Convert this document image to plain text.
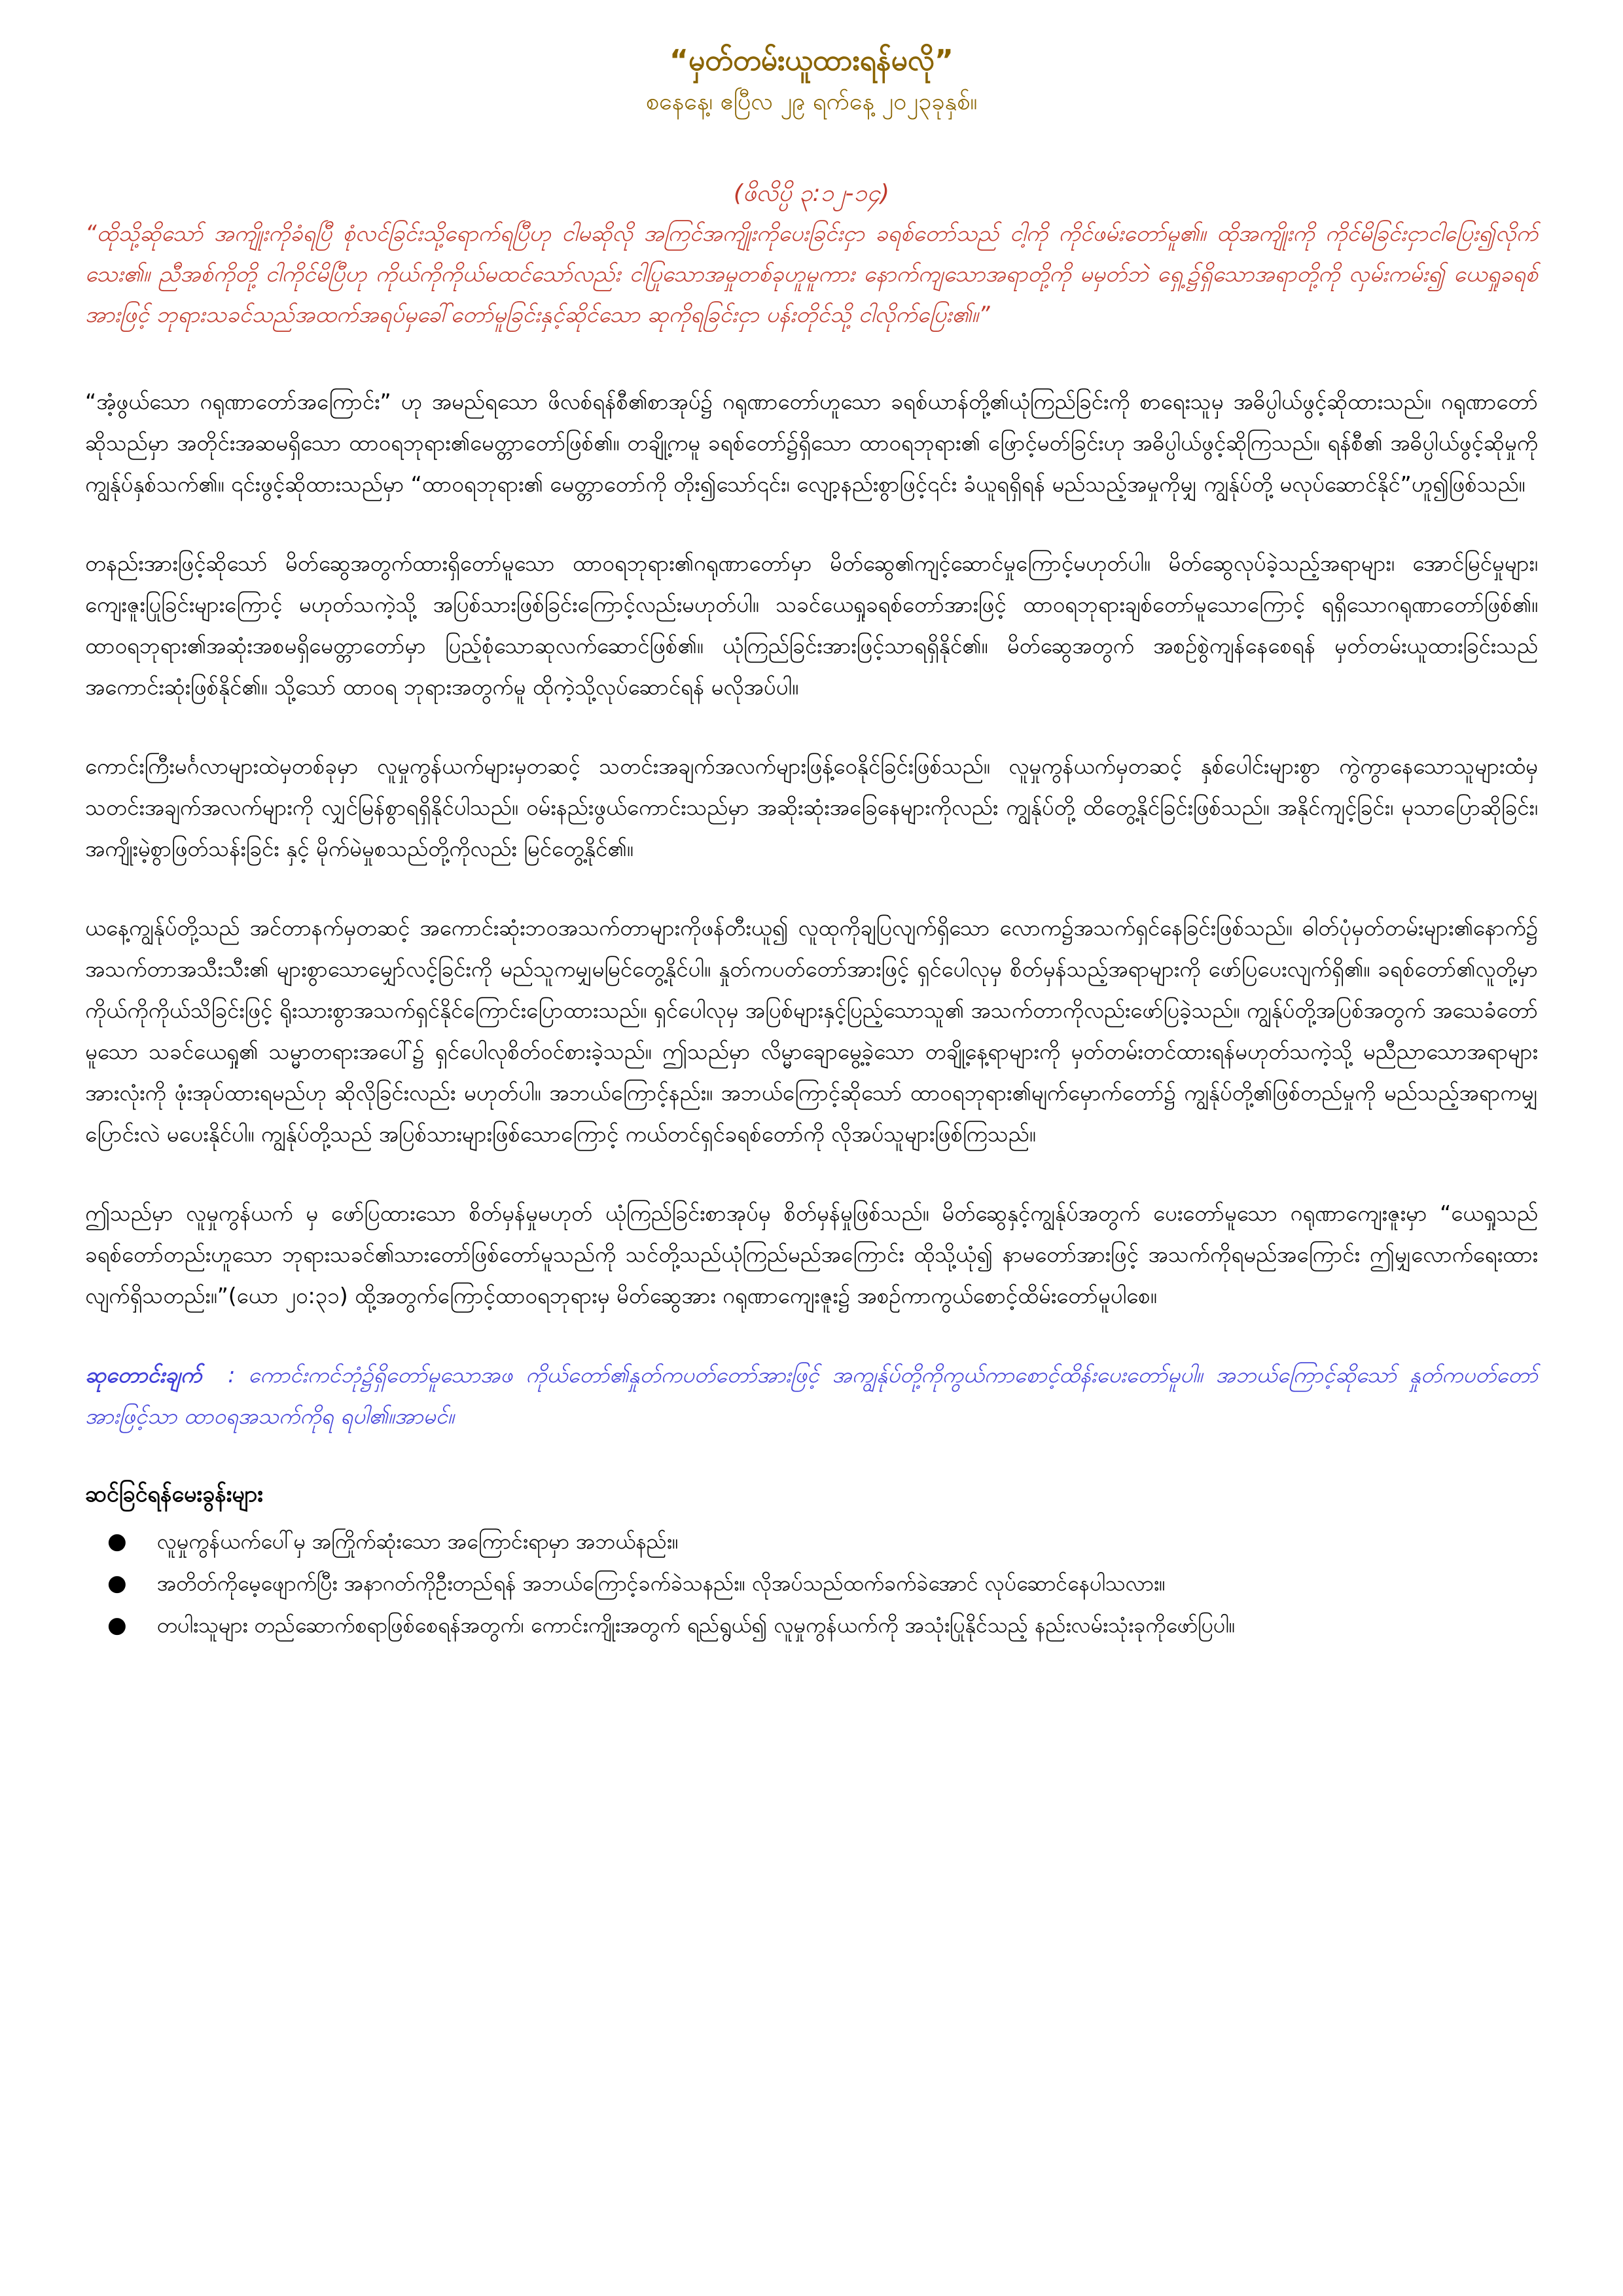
“မှတ်တမ်းယူထားရန်မလို”

စနေနေ့၊ ဧပြီလ ၂၉ ရက်နေ့ ၂၀၂၃ခုနှစ်။

(ဖိလိပ္ပိ ၃:၁၂-၁၄)

“ထိုသို့ဆိုသော် အကျိုးကိုခံရပြီ စုံလင်ခြင်းသို့ရောက်ရပြီဟု ငါမဆိုလို အကြင်အကျိုးကိုပေးခြင်းငှာ ခရစ်တော်သည် ငါ့ကို ကိုင်ဖမ်းတော်မူ၏။ ထိုအကျိုးကို ကိုင်မိခြင်းငှာငါပြေး၍လိုက်သေး၏။ ညီအစ်ကိုတို့ ငါကိုင်မိပြီဟု ကိုယ်ကိုကိုယ်မထင်သော်လည်း ငါပြုသောအမှုတစ်ခုဟူမူကား နောက်ကျသောအရာတို့ကို မမှတ်ဘဲ ရှေ့၌ရှိသောအရာတို့ကို လှမ်းကမ်း၍ ယေရှုခရစ်အားဖြင့် ဘုရားသခင်သည်အထက်အရပ်မှခေါ်တော်မူခြင်းနှင့်ဆိုင်သော ဆုကိုရခြင်းငှာ ပန်းတိုင်သို့ ငါလိုက်ပြေး၏။”

“အံ့ဖွယ်သော ဂရုဏာတော်အကြောင်း” ဟု အမည်ရသော ဖိလစ်ရန်စီ၏စာအုပ်၌ ဂရုဏာတော်ဟူသော ခရစ်ယာန်တို့၏ယုံကြည်ခြင်းကို စာရေးသူမှ အဓိပ္ပါယ်ဖွင့်ဆိုထားသည်။ ဂရုဏာတော်ဆိုသည်မှာ အတိုင်းအဆမရှိသော ထာဝရဘုရား၏မေတ္တာတော်ဖြစ်၏။ တချို့ကမူ ခရစ်တော်၌ရှိသော ထာဝရဘုရား၏ ဖြောင့်မတ်ခြင်းဟု အဓိပ္ပါယ်ဖွင့်ဆိုကြသည်။ ရန်စီ၏ အဓိပ္ပါယ်ဖွင့်ဆိုမှုကို ကျွန်ုပ်နှစ်သက်၏။ ၎င်းဖွင့်ဆိုထားသည်မှာ “ထာဝရဘုရား၏ မေတ္တာတော်ကို တိုး၍သော်၎င်း၊ လျော့နည်းစွာဖြင့်၎င်း ခံယူရရှိရန် မည်သည့်အမှုကိုမျှ ကျွန်ုပ်တို့ မလုပ်ဆောင်နိုင်”ဟူ၍ဖြစ်သည်။

တနည်းအားဖြင့်ဆိုသော် မိတ်ဆွေအတွက်ထားရှိတော်မူသော ထာဝရဘုရား၏ဂရုဏာတော်မှာ မိတ်ဆွေ၏ကျင့်ဆောင်မှုကြောင့်မဟုတ်ပါ။ မိတ်ဆွေလုပ်ခဲ့သည့်အရာများ၊ အောင်မြင်မှုများ၊ ကျေးဇူးပြုခြင်းများကြောင့် မဟုတ်သကဲ့သို့ အပြစ်သားဖြစ်ခြင်းကြောင့်လည်းမဟုတ်ပါ။ သခင်ယေရှုခရစ်တော်အားဖြင့် ထာဝရဘုရားချစ်တော်မူသောကြောင့် ရရှိသောဂရုဏာတော်ဖြစ်၏။ ထာဝရဘုရား၏အဆုံးအစမရှိမေတ္တာတော်မှာ ပြည့်စုံသောဆုလက်ဆောင်ဖြစ်၏။ ယုံကြည်ခြင်းအားဖြင့်သာရရှိနိုင်၏။ မိတ်ဆွေအတွက် အစဉ်စွဲကျန်နေစေရန် မှတ်တမ်းယူထားခြင်းသည် အကောင်းဆုံးဖြစ်နိုင်၏။ သို့သော် ထာဝရ ဘုရားအတွက်မူ ထိုကဲ့သို့လုပ်ဆောင်ရန် မလိုအပ်ပါ။

ကောင်းကြီးမင်္ဂလာများထဲမှတစ်ခုမှာ လူမှုကွန်ယက်များမှတဆင့် သတင်းအချက်အလက်များဖြန့်ဝေနိုင်ခြင်းဖြစ်သည်။ လူမှုကွန်ယက်မှတဆင့် နှစ်ပေါင်းများစွာ ကွဲကွာနေသောသူများထံမှ သတင်းအချက်အလက်များကို လျှင်မြန်စွာရရှိနိုင်ပါသည်။ ဝမ်းနည်းဖွယ်ကောင်းသည်မှာ အဆိုးဆုံးအခြေနေများကိုလည်း ကျွန်ုပ်တို့ ထိတွေ့နိုင်ခြင်းဖြစ်သည်။ အနိုင်ကျင့်ခြင်း၊ မုသာပြောဆိုခြင်း၊ အကျိုးမဲ့စွာဖြတ်သန်းခြင်း နှင့် မိုက်မဲမှုစသည်တို့ကိုလည်း မြင်တွေ့နိုင်၏။

ယနေ့ကျွန်ုပ်တို့သည် အင်တာနက်မှတဆင့် အကောင်းဆုံးဘဝအသက်တာများကိုဖန်တီးယူ၍ လူထုကိုချပြလျက်ရှိသော လောက၌အသက်ရှင်နေခြင်းဖြစ်သည်။ ဓါတ်ပုံမှတ်တမ်းများ၏နောက်၌ အသက်တာအသီးသီး၏ များစွာသောမျှော်လင့်ခြင်းကို မည်သူကမျှမမြင်တွေ့နိုင်ပါ။ နှုတ်ကပတ်တော်အားဖြင့် ရှင်ပေါလုမှ စိတ်မှန်သည့်အရာများကို ဖော်ပြပေးလျက်ရှိ၏။ ခရစ်တော်၏လူတို့မှာ ကိုယ်ကိုကိုယ်သိခြင်းဖြင့် ရိုးသားစွာအသက်ရှင်နိုင်ကြောင်းပြောထားသည်။ ရှင်ပေါလုမှ အပြစ်များနှင့်ပြည့်သောသူ၏ အသက်တာကိုလည်းဖော်ပြခဲ့သည်။ ကျွန်ုပ်တို့အပြစ်အတွက် အသေခံတော်မူသော သခင်ယေရှု၏ သမ္မာတရားအပေါ်၌ ရှင်ပေါလုစိတ်ဝင်စားခဲ့သည်။ ဤသည်မှာ လိမ္မာချောမွေ့ခဲ့သော တချို့နေ့ရာများကို မှတ်တမ်းတင်ထားရန်မဟုတ်သကဲ့သို့ မညီညာသောအရာများအားလုံးကို ဖုံးအုပ်ထားရမည်ဟု ဆိုလိုခြင်းလည်း မဟုတ်ပါ။ အဘယ်ကြောင့်နည်း။ အဘယ်ကြောင့်ဆိုသော် ထာဝရဘုရား၏မျက်မှောက်တော်၌ ကျွန်ုပ်တို့၏ဖြစ်တည်မှုကို မည်သည့်အရာကမျှပြောင်းလဲ မပေးနိုင်ပါ။ ကျွန်ုပ်တို့သည် အပြစ်သားများဖြစ်သောကြောင့် ကယ်တင်ရှင်ခရစ်တော်ကို လိုအပ်သူများဖြစ်ကြသည်။

ဤသည်မှာ လူမှုကွန်ယက် မှ ဖော်ပြထားသော စိတ်မှန်မှုမဟုတ် ယုံကြည်ခြင်းစာအုပ်မှ စိတ်မှန်မှုဖြစ်သည်။ မိတ်ဆွေနှင့်ကျွန်ုပ်အတွက် ပေးတော်မူသော ဂရုဏာကျေးဇူးမှာ “ယေရှုသည် ခရစ်တော်တည်းဟူသော ဘုရားသခင်၏သားတော်ဖြစ်တော်မူသည်ကို သင်တို့သည်ယုံကြည်မည်အကြောင်း ထိုသို့ယုံ၍ နာမတော်အားဖြင့် အသက်ကိုရမည်အကြောင်း ဤမျှလောက်ရေးထားလျက်ရှိသတည်း။”(ယော ၂၀:၃၁) ထို့အတွက်ကြောင့်ထာဝရဘုရားမှ မိတ်ဆွေအား ဂရုဏာကျေးဇူး၌ အစဉ်ကာကွယ်စောင့်ထိမ်းတော်မူပါစေ။

ဆုတောင်းချက် : ကောင်းကင်ဘုံ၌ရှိတော်မူသောအဖ ကိုယ်တော်၏နှုတ်ကပတ်တော်အားဖြင့် အကျွန်ုပ်တို့ကိုကွယ်ကာစောင့်ထိန်းပေးတော်မူပါ။ အဘယ်ကြောင့်ဆိုသော် နှုတ်ကပတ်တော်အားဖြင့်သာ ထာဝရအသက်ကိုရ ရပါ၏။အာမင်။

ဆင်ခြင်ရန်မေးခွန်းများ

● လူမှုကွန်ယက်ပေါ်မှ အကြိုက်ဆုံးသော အကြောင်းရာမှာ အဘယ်နည်း။
● အတိတ်ကိုမေ့ဖျောက်ပြီး အနာဂတ်ကိုဦးတည်ရန် အဘယ်ကြောင့်ခက်ခဲသနည်း။ လိုအပ်သည်ထက်ခက်ခဲအောင် လုပ်ဆောင်နေပါသလား။
● တပါးသူများ တည်ဆောက်စရာဖြစ်စေရန်အတွက်၊ ကောင်းကျိုးအတွက် ရည်ရွယ်၍ လူမှုကွန်ယက်ကို အသုံးပြုနိုင်သည့် နည်းလမ်းသုံးခုကိုဖော်ပြပါ။
